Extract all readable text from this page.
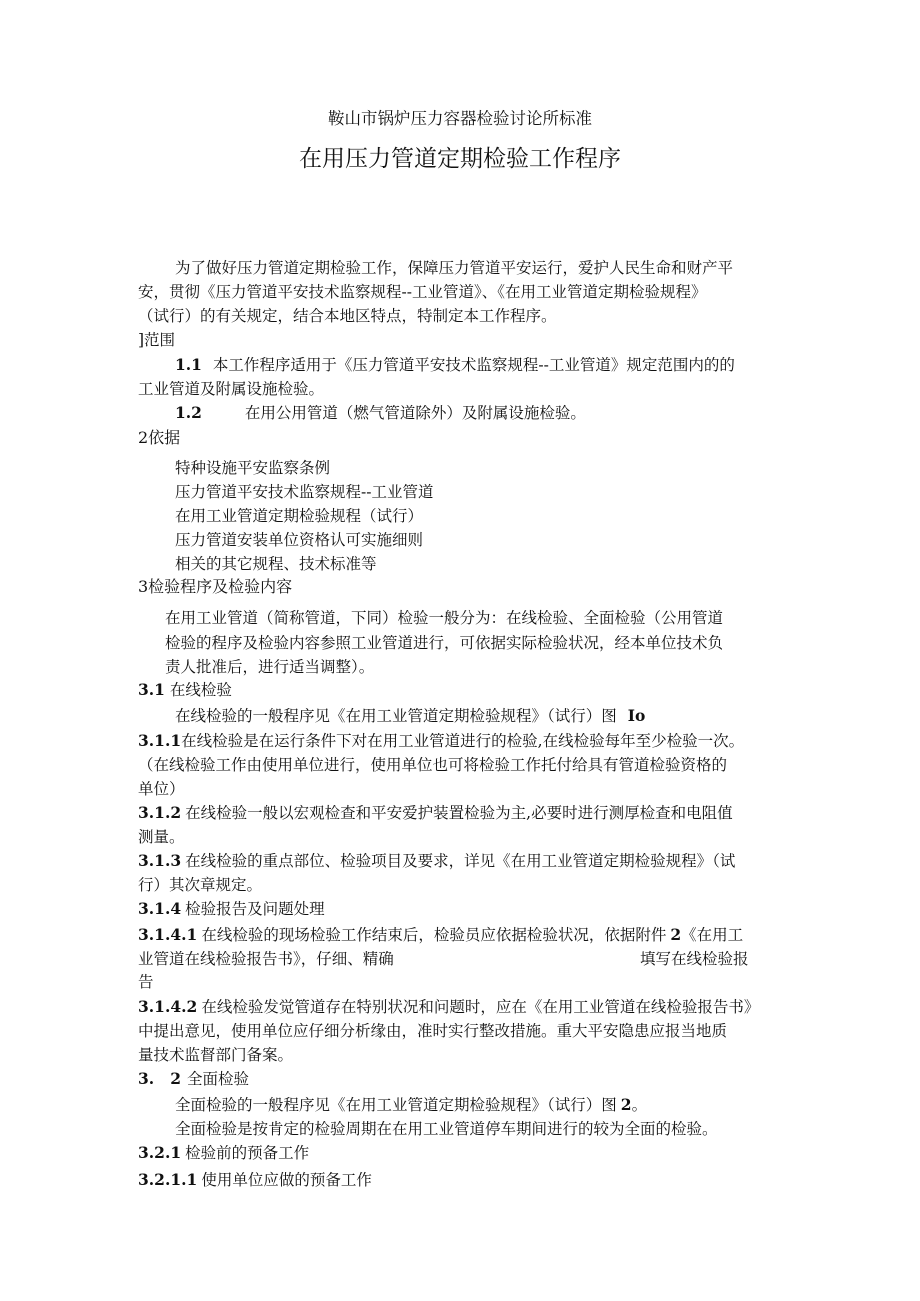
鞍山市锅炉压力容器检验讨论所标准
在用压力管道定期检验工作程序
为了做好压力管道定期检验工作，保障压力管道平安运行，爱护人民生命和财产平
安，贯彻《压力管道平安技术监察规程--工业管道》、《在用工业管道定期检验规程》
（试行）的有关规定，结合本地区特点，特制定本工作程序。
]范围
1.1 本工作程序适用于《压力管道平安技术监察规程--工业管道》规定范围内的的
工业管道及附属设施检验。
1.2	在用公用管道（燃气管道除外）及附属设施检验。
2依据
特种设施平安监察条例
压力管道平安技术监察规程--工业管道
在用工业管道定期检验规程（试行）
压力管道安装单位资格认可实施细则
相关的其它规程、技术标准等
3检验程序及检验内容
在用工业管道（简称管道，下同）检验一般分为：在线检验、全面检验（公用管道
检验的程序及检验内容参照工业管道进行，可依据实际检验状况，经本单位技术负
责人批准后，进行适当调整）。
3.1 在线检验
在线检验的一般程序见《在用工业管道定期检验规程》（试行）图 Io
3.1.1在线检验是在运行条件下对在用工业管道进行的检验,在线检验每年至少检验一次。
（在线检验工作由使用单位进行，使用单位也可将检验工作托付给具有管道检验资格的
单位）
3.1.2 在线检验一般以宏观检查和平安爱护装置检验为主,必要时进行测厚检查和电阻值
测量。
3.1.3 在线检验的重点部位、检验项目及要求，详见《在用工业管道定期检验规程》（试
行）其次章规定。
3.1.4 检验报告及问题处理
3.1.4.1 在线检验的现场检验工作结束后，检验员应依据检验状况，依据附件 2《在用工
业管道在线检验报告书》，仔细、精确	填写在线检验报
告
3.1.4.2 在线检验发觉管道存在特别状况和问题时，应在《在用工业管道在线检验报告书》
中提出意见，使用单位应仔细分析缘由，准时实行整改措施。重大平安隐患应报当地质
量技术监督部门备案。
3. 2 全面检验
全面检验的一般程序见《在用工业管道定期检验规程》（试行）图 2。
全面检验是按肯定的检验周期在在用工业管道停车期间进行的较为全面的检验。
3.2.1 检验前的预备工作
3.2.1.1 使用单位应做的预备工作
